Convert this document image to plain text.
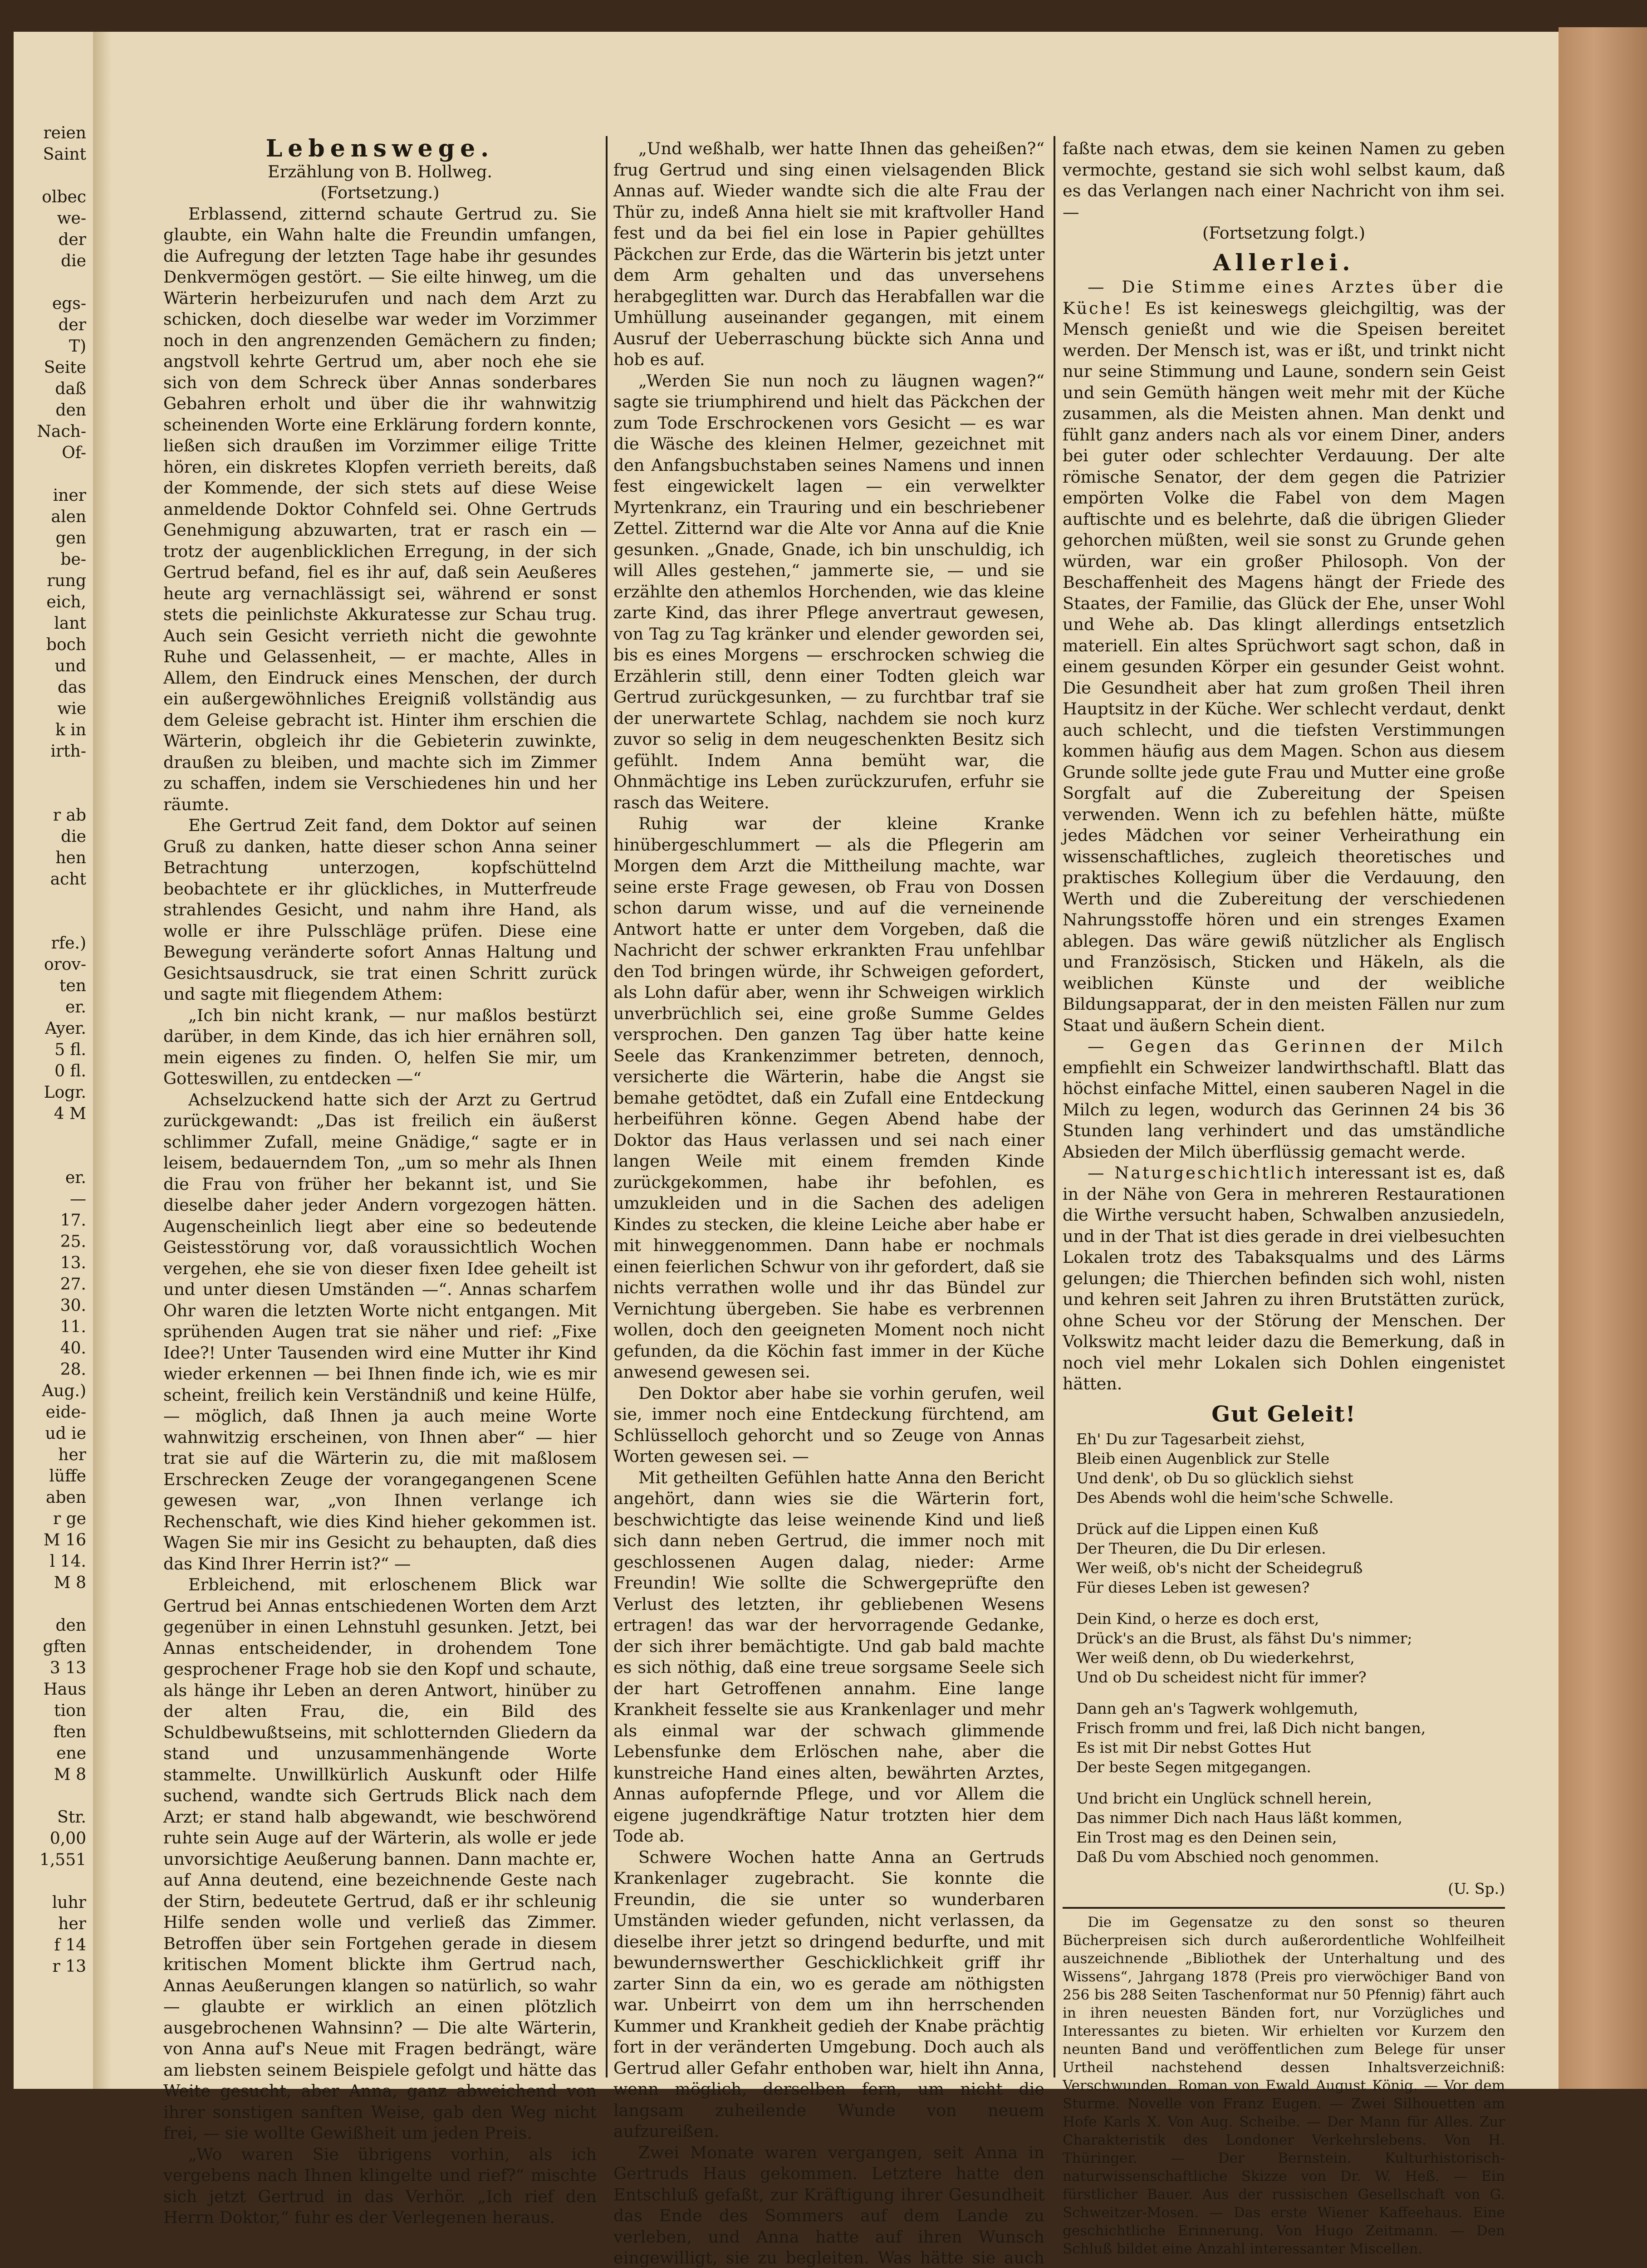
reien
Saint

olbec
we-
der
die

egs-
der
T)
Seite
daß
den
Nach-
Of-

iner
alen
gen
be-
rung
eich,
lant
boch
und
das
wie
k in
irth-

r ab
die
hen
acht

rfe.)
orov-
ten
er.
Ayer.
5 fl.
0 fl.
Logr.
4 M

er.
—
17.
25.
13.
27.
30.
11.
40.
28.
Aug.)
eide-
ud ie
her
lüffe
aben
r ge
M 16
l 14.
M 8

den
gften
3 13
Haus
tion
ften
ene
M 8

Str.
0,00
1,551

luhr
her
f 14
r 13
Lebenswege.
Erzählung von B. Hollweg.
(Fortsetzung.)

Erblassend, zitternd schaute Gertrud zu. Sie glaubte, ein Wahn halte die Freundin umfangen, die Aufregung der letzten Tage habe ihr gesundes Denkvermögen gestört. — Sie eilte hinweg, um die Wärterin herbeizurufen und nach dem Arzt zu schicken, doch dieselbe war weder im Vorzimmer noch in den angrenzenden Gemächern zu finden; angstvoll kehrte Gertrud um, aber noch ehe sie sich von dem Schreck über Annas sonderbares Gebahren erholt und über die ihr wahnwitzig scheinenden Worte eine Erklärung fordern konnte, ließen sich draußen im Vorzimmer eilige Tritte hören, ein diskretes Klopfen verrieth bereits, daß der Kommende, der sich stets auf diese Weise anmeldende Doktor Cohnfeld sei. Ohne Gertruds Genehmigung abzuwarten, trat er rasch ein — trotz der augenblicklichen Erregung, in der sich Gertrud befand, fiel es ihr auf, daß sein Aeußeres heute arg vernachlässigt sei, während er sonst stets die peinlichste Akkuratesse zur Schau trug. Auch sein Gesicht verrieth nicht die gewohnte Ruhe und Gelassenheit, — er machte, Alles in Allem, den Eindruck eines Menschen, der durch ein außergewöhnliches Ereigniß vollständig aus dem Geleise gebracht ist. Hinter ihm erschien die Wärterin, obgleich ihr die Gebieterin zuwinkte, draußen zu bleiben, und machte sich im Zimmer zu schaffen, indem sie Verschiedenes hin und her räumte.

Ehe Gertrud Zeit fand, dem Doktor auf seinen Gruß zu danken, hatte dieser schon Anna seiner Betrachtung unterzogen, kopfschüttelnd beobachtete er ihr glückliches, in Mutterfreude strahlendes Gesicht, und nahm ihre Hand, als wolle er ihre Pulsschläge prüfen. Diese eine Bewegung veränderte sofort Annas Haltung und Gesichtsausdruck, sie trat einen Schritt zurück und sagte mit fliegendem Athem:

„Ich bin nicht krank, — nur maßlos bestürzt darüber, in dem Kinde, das ich hier ernähren soll, mein eigenes zu finden. O, helfen Sie mir, um Gotteswillen, zu entdecken —“

Achselzuckend hatte sich der Arzt zu Gertrud zurückgewandt: „Das ist freilich ein äußerst schlimmer Zufall, meine Gnädige,“ sagte er in leisem, bedauerndem Ton, „um so mehr als Ihnen die Frau von früher her bekannt ist, und Sie dieselbe daher jeder Andern vorgezogen hätten. Augenscheinlich liegt aber eine so bedeutende Geistesstörung vor, daß voraussichtlich Wochen vergehen, ehe sie von dieser fixen Idee geheilt ist und unter diesen Umständen —“. Annas scharfem Ohr waren die letzten Worte nicht entgangen. Mit sprühenden Augen trat sie näher und rief: „Fixe Idee?! Unter Tausenden wird eine Mutter ihr Kind wieder erkennen — bei Ihnen finde ich, wie es mir scheint, freilich kein Verständniß und keine Hülfe, — möglich, daß Ihnen ja auch meine Worte wahnwitzig erscheinen, von Ihnen aber“ — hier trat sie auf die Wärterin zu, die mit maßlosem Erschrecken Zeuge der vorangegangenen Scene gewesen war, „von Ihnen verlange ich Rechenschaft, wie dies Kind hieher gekommen ist. Wagen Sie mir ins Gesicht zu behaupten, daß dies das Kind Ihrer Herrin ist?“ —

Erbleichend, mit erloschenem Blick war Gertrud bei Annas entschiedenen Worten dem Arzt gegenüber in einen Lehnstuhl gesunken. Jetzt, bei Annas entscheidender, in drohendem Tone gesprochener Frage hob sie den Kopf und schaute, als hänge ihr Leben an deren Antwort, hinüber zu der alten Frau, die, ein Bild des Schuldbewußtseins, mit schlotternden Gliedern da stand und unzusammenhängende Worte stammelte. Unwillkürlich Auskunft oder Hilfe suchend, wandte sich Gertruds Blick nach dem Arzt; er stand halb abgewandt, wie beschwörend ruhte sein Auge auf der Wärterin, als wolle er jede unvorsichtige Aeußerung bannen. Dann machte er, auf Anna deutend, eine bezeichnende Geste nach der Stirn, bedeutete Gertrud, daß er ihr schleunig Hilfe senden wolle und verließ das Zimmer. Betroffen über sein Fortgehen gerade in diesem kritischen Moment blickte ihm Gertrud nach, Annas Aeußerungen klangen so natürlich, so wahr — glaubte er wirklich an einen plötzlich ausgebrochenen Wahnsinn? — Die alte Wärterin, von Anna auf's Neue mit Fragen bedrängt, wäre am liebsten seinem Beispiele gefolgt und hätte das Weite gesucht, aber Anna, ganz abweichend von ihrer sonstigen sanften Weise, gab den Weg nicht frei, — sie wollte Gewißheit um jeden Preis.

„Wo waren Sie übrigens vorhin, als ich vergebens nach Ihnen klingelte und rief?“ mischte sich jetzt Gertrud in das Verhör. „Ich rief den Herrn Doktor,“ fuhr es der Verlegenen heraus.

„Und weßhalb, wer hatte Ihnen das geheißen?“ frug Gertrud und sing einen vielsagenden Blick Annas auf. Wieder wandte sich die alte Frau der Thür zu, indeß Anna hielt sie mit kraftvoller Hand fest und da bei fiel ein lose in Papier gehülltes Päckchen zur Erde, das die Wärterin bis jetzt unter dem Arm gehalten und das unversehens herabgeglitten war. Durch das Herabfallen war die Umhüllung auseinander gegangen, mit einem Ausruf der Ueberraschung bückte sich Anna und hob es auf.

„Werden Sie nun noch zu läugnen wagen?“ sagte sie triumphirend und hielt das Päckchen der zum Tode Erschrockenen vors Gesicht — es war die Wäsche des kleinen Helmer, gezeichnet mit den Anfangsbuchstaben seines Namens und innen fest eingewickelt lagen — ein verwelkter Myrtenkranz, ein Trauring und ein beschriebener Zettel. Zitternd war die Alte vor Anna auf die Knie gesunken. „Gnade, Gnade, ich bin unschuldig, ich will Alles gestehen,“ jammerte sie, — und sie erzählte den athemlos Horchenden, wie das kleine zarte Kind, das ihrer Pflege anvertraut gewesen, von Tag zu Tag kränker und elender geworden sei, bis es eines Morgens — erschrocken schwieg die Erzählerin still, denn einer Todten gleich war Gertrud zurückgesunken, — zu furchtbar traf sie der unerwartete Schlag, nachdem sie noch kurz zuvor so selig in dem neugeschenkten Besitz sich gefühlt. Indem Anna bemüht war, die Ohnmächtige ins Leben zurückzurufen, erfuhr sie rasch das Weitere.

Ruhig war der kleine Kranke hinübergeschlummert — als die Pflegerin am Morgen dem Arzt die Mittheilung machte, war seine erste Frage gewesen, ob Frau von Dossen schon darum wisse, und auf die verneinende Antwort hatte er unter dem Vorgeben, daß die Nachricht der schwer erkrankten Frau unfehlbar den Tod bringen würde, ihr Schweigen gefordert, als Lohn dafür aber, wenn ihr Schweigen wirklich unverbrüchlich sei, eine große Summe Geldes versprochen. Den ganzen Tag über hatte keine Seele das Krankenzimmer betreten, dennoch, versicherte die Wärterin, habe die Angst sie bemahe getödtet, daß ein Zufall eine Entdeckung herbeiführen könne. Gegen Abend habe der Doktor das Haus verlassen und sei nach einer langen Weile mit einem fremden Kinde zurückgekommen, habe ihr befohlen, es umzukleiden und in die Sachen des adeligen Kindes zu stecken, die kleine Leiche aber habe er mit hinweggenommen. Dann habe er nochmals einen feierlichen Schwur von ihr gefordert, daß sie nichts verrathen wolle und ihr das Bündel zur Vernichtung übergeben. Sie habe es verbrennen wollen, doch den geeigneten Moment noch nicht gefunden, da die Köchin fast immer in der Küche anwesend gewesen sei.

Den Doktor aber habe sie vorhin gerufen, weil sie, immer noch eine Entdeckung fürchtend, am Schlüsselloch gehorcht und so Zeuge von Annas Worten gewesen sei. —

Mit getheilten Gefühlen hatte Anna den Bericht angehört, dann wies sie die Wärterin fort, beschwichtigte das leise weinende Kind und ließ sich dann neben Gertrud, die immer noch mit geschlossenen Augen dalag, nieder: Arme Freundin! Wie sollte die Schwergeprüfte den Verlust des letzten, ihr gebliebenen Wesens ertragen! das war der hervorragende Gedanke, der sich ihrer bemächtigte. Und gab bald machte es sich nöthig, daß eine treue sorgsame Seele sich der hart Getroffenen annahm. Eine lange Krankheit fesselte sie aus Krankenlager und mehr als einmal war der schwach glimmende Lebensfunke dem Erlöschen nahe, aber die kunstreiche Hand eines alten, bewährten Arztes, Annas aufopfernde Pflege, und vor Allem die eigene jugendkräftige Natur trotzten hier dem Tode ab.

Schwere Wochen hatte Anna an Gertruds Krankenlager zugebracht. Sie konnte die Freundin, die sie unter so wunderbaren Umständen wieder gefunden, nicht verlassen, da dieselbe ihrer jetzt so dringend bedurfte, und mit bewundernswerther Geschicklichkeit griff ihr zarter Sinn da ein, wo es gerade am nöthigsten war. Unbeirrt von dem um ihn herrschenden Kummer und Krankheit gedieh der Knabe prächtig fort in der veränderten Umgebung. Doch auch als Gertrud aller Gefahr enthoben war, hielt ihn Anna, wenn möglich, derselben fern, um nicht die langsam zuheilende Wunde von neuem aufzureißen.

Zwei Monate waren vergangen, seit Anna in Gertruds Haus gekommen. Letztere hatte den Entschluß gefaßt, zur Kräftigung ihrer Gesundheit das Ende des Sommers auf dem Lande zu verleben, und Anna hatte auf ihren Wunsch eingewilligt, sie zu begleiten. Was hätte sie auch

faßte nach etwas, dem sie keinen Namen zu geben vermochte, gestand sie sich wohl selbst kaum, daß es das Verlangen nach einer Nachricht von ihm sei. —

(Fortsetzung folgt.)
Allerlei.

— Die Stimme eines Arztes über die Küche! Es ist keineswegs gleichgiltig, was der Mensch genießt und wie die Speisen bereitet werden. Der Mensch ist, was er ißt, und trinkt nicht nur seine Stimmung und Laune, sondern sein Geist und sein Gemüth hängen weit mehr mit der Küche zusammen, als die Meisten ahnen. Man denkt und fühlt ganz anders nach als vor einem Diner, anders bei guter oder schlechter Verdauung. Der alte römische Senator, der dem gegen die Patrizier empörten Volke die Fabel von dem Magen auftischte und es belehrte, daß die übrigen Glieder gehorchen müßten, weil sie sonst zu Grunde gehen würden, war ein großer Philosoph. Von der Beschaffenheit des Magens hängt der Friede des Staates, der Familie, das Glück der Ehe, unser Wohl und Wehe ab. Das klingt allerdings entsetzlich materiell. Ein altes Sprüchwort sagt schon, daß in einem gesunden Körper ein gesunder Geist wohnt. Die Gesundheit aber hat zum großen Theil ihren Hauptsitz in der Küche. Wer schlecht verdaut, denkt auch schlecht, und die tiefsten Verstimmungen kommen häufig aus dem Magen. Schon aus diesem Grunde sollte jede gute Frau und Mutter eine große Sorgfalt auf die Zubereitung der Speisen verwenden. Wenn ich zu befehlen hätte, müßte jedes Mädchen vor seiner Verheirathung ein wissenschaftliches, zugleich theoretisches und praktisches Kollegium über die Verdauung, den Werth und die Zubereitung der verschiedenen Nahrungsstoffe hören und ein strenges Examen ablegen. Das wäre gewiß nützlicher als Englisch und Französisch, Sticken und Häkeln, als die weiblichen Künste und der weibliche Bildungsapparat, der in den meisten Fällen nur zum Staat und äußern Schein dient.

— Gegen das Gerinnen der Milch empfiehlt ein Schweizer landwirthschaftl. Blatt das höchst einfache Mittel, einen sauberen Nagel in die Milch zu legen, wodurch das Gerinnen 24 bis 36 Stunden lang verhindert und das umständliche Absieden der Milch überflüssig gemacht werde.

— Naturgeschichtlich interessant ist es, daß in der Nähe von Gera in mehreren Restaurationen die Wirthe versucht haben, Schwalben anzusiedeln, und in der That ist dies gerade in drei vielbesuchten Lokalen trotz des Tabaksqualms und des Lärms gelungen; die Thierchen befinden sich wohl, nisten und kehren seit Jahren zu ihren Brutstätten zurück, ohne Scheu vor der Störung der Menschen. Der Volkswitz macht leider dazu die Bemerkung, daß in noch viel mehr Lokalen sich Dohlen eingenistet hätten.

Gut Geleit!
Eh' Du zur Tagesarbeit ziehst,
Bleib einen Augenblick zur Stelle
Und denk', ob Du so glücklich siehst
Des Abends wohl die heim'sche Schwelle.
Drück auf die Lippen einen Kuß
Der Theuren, die Du Dir erlesen.
Wer weiß, ob's nicht der Scheidegruß
Für dieses Leben ist gewesen?
Dein Kind, o herze es doch erst,
Drück's an die Brust, als fähst Du's nimmer;
Wer weiß denn, ob Du wiederkehrst,
Und ob Du scheidest nicht für immer?
Dann geh an's Tagwerk wohlgemuth,
Frisch fromm und frei, laß Dich nicht bangen,
Es ist mit Dir nebst Gottes Hut
Der beste Segen mitgegangen.
Und bricht ein Unglück schnell herein,
Das nimmer Dich nach Haus läßt kommen,
Ein Trost mag es den Deinen sein,
Daß Du vom Abschied noch genommen.
(U. Sp.)

Die im Gegensatze zu den sonst so theuren Bücherpreisen sich durch außerordentliche Wohlfeilheit auszeichnende „Bibliothek der Unterhaltung und des Wissens“, Jahrgang 1878 (Preis pro vierwöchiger Band von 256 bis 288 Seiten Taschenformat nur 50 Pfennig) fährt auch in ihren neuesten Bänden fort, nur Vorzügliches und Interessantes zu bieten. Wir erhielten vor Kurzem den neunten Band und veröffentlichen zum Belege für unser Urtheil nachstehend dessen Inhaltsverzeichniß: Verschwunden. Roman von Ewald August König. — Vor dem Sturme. Novelle von Franz Eugen. — Zwei Silhouetten am Hofe Karls X. Von Aug. Scheibe. — Der Mann für Alles. Zur Charakteristik des Londoner Verkehrslebens. Von H. Thüringer. — Der Bernstein. Kulturhistorisch-naturwissenschaftliche Skizze von Dr. W. Heß. — Ein fürstlicher Bauer. Aus der russischen Gesellschaft von G. Schweitzer-Mosen. — Das erste Wiener Kaffeehaus. Eine geschichtliche Erinnerung. Von Hugo Zeitmann. — Den Schluß bildet eine Anzahl interessanter Miscellen.
